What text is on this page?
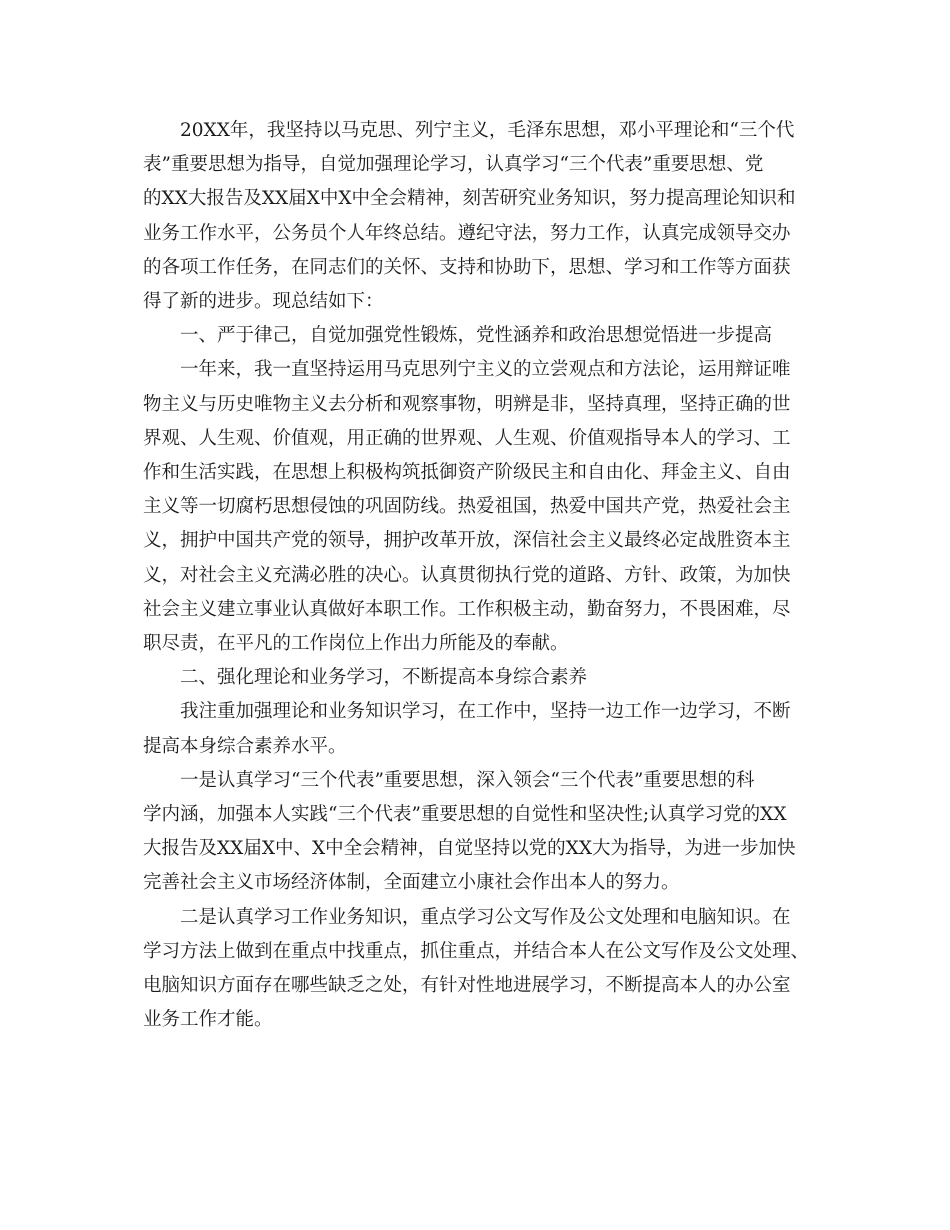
20XX年，我坚持以马克思、列宁主义，毛泽东思想，邓小平理论和“三个代
表”重要思想为指导，自觉加强理论学习，认真学习“三个代表”重要思想、党
的XX大报告及XX届X中X中全会精神，刻苦研究业务知识，努力提高理论知识和
业务工作水平，公务员个人年终总结。遵纪守法，努力工作，认真完成领导交办
的各项工作任务，在同志们的关怀、支持和协助下，思想、学习和工作等方面获
得了新的进步。现总结如下：

一、严于律己，自觉加强党性锻炼，党性涵养和政治思想觉悟进一步提高

一年来，我一直坚持运用马克思列宁主义的立尝观点和方法论，运用辩证唯
物主义与历史唯物主义去分析和观察事物，明辨是非，坚持真理，坚持正确的世
界观、人生观、价值观，用正确的世界观、人生观、价值观指导本人的学习、工
作和生活实践，在思想上积极构筑抵御资产阶级民主和自由化、拜金主义、自由
主义等一切腐朽思想侵蚀的巩固防线。热爱祖国，热爱中国共产党，热爱社会主
义，拥护中国共产党的领导，拥护改革开放，深信社会主义最终必定战胜资本主
义，对社会主义充满必胜的决心。认真贯彻执行党的道路、方针、政策，为加快
社会主义建立事业认真做好本职工作。工作积极主动，勤奋努力，不畏困难，尽
职尽责，在平凡的工作岗位上作出力所能及的奉献。

二、强化理论和业务学习，不断提高本身综合素养

我注重加强理论和业务知识学习，在工作中，坚持一边工作一边学习，不断
提高本身综合素养水平。

一是认真学习“三个代表”重要思想，深入领会“三个代表”重要思想的科
学内涵，加强本人实践“三个代表”重要思想的自觉性和坚决性;认真学习党的XX
大报告及XX届X中、X中全会精神，自觉坚持以党的XX大为指导，为进一步加快
完善社会主义市场经济体制，全面建立小康社会作出本人的努力。

二是认真学习工作业务知识，重点学习公文写作及公文处理和电脑知识。在
学习方法上做到在重点中找重点，抓住重点，并结合本人在公文写作及公文处理、
电脑知识方面存在哪些缺乏之处，有针对性地进展学习，不断提高本人的办公室
业务工作才能。
